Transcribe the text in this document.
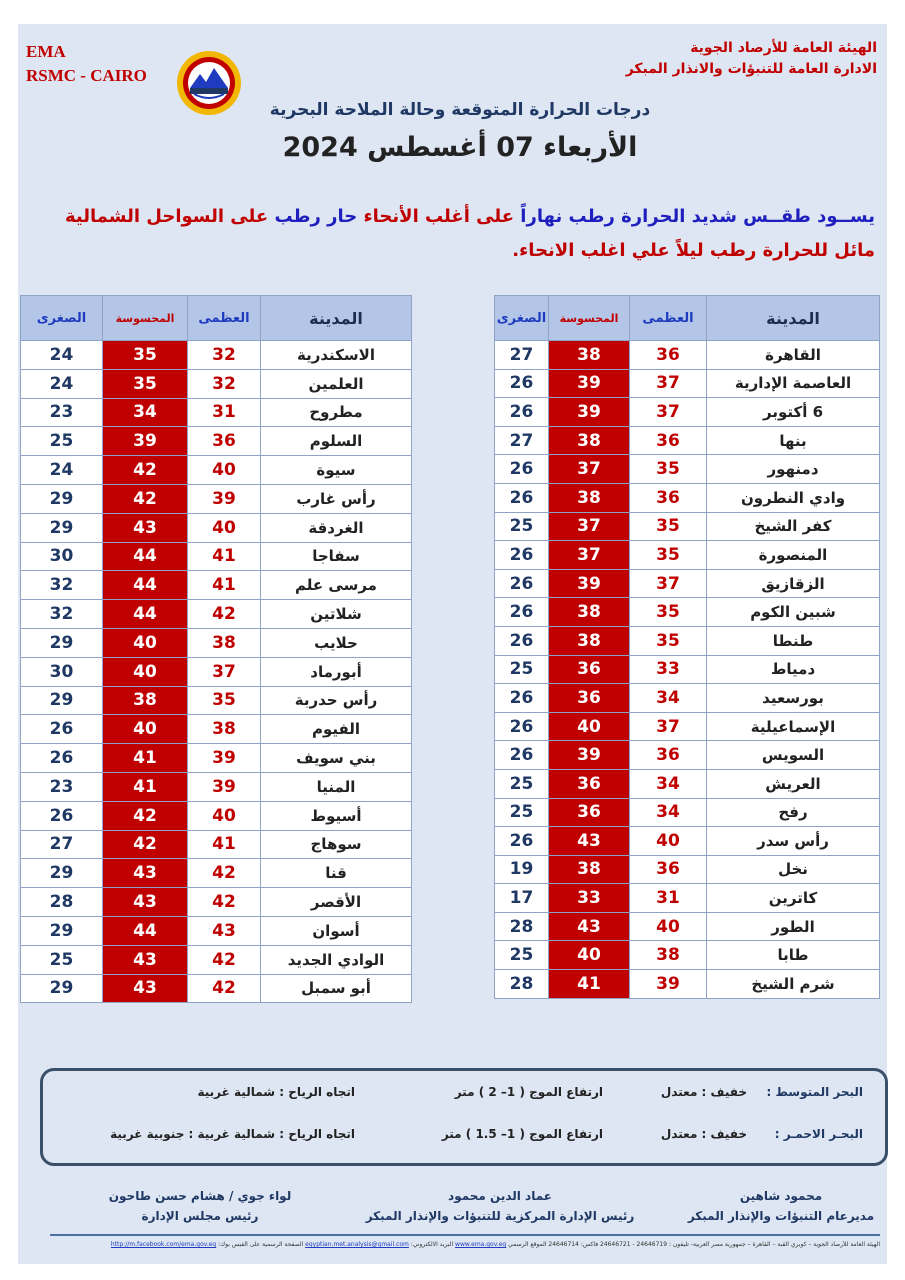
EMA
RSMC - CAIRO
الهيئة العامة للأرصاد الجوية
الادارة العامة للتنبؤات والانذار المبكر
درجات الحرارة المتوقعة وحالة الملاحة البحرية
الأربعاء 07 أغسطس 2024
يســود طقــس شديد الحرارة رطب نهاراً على أغلب الأنحاء حار رطب على السواحل الشمالية
مائل للحرارة رطب ليلاً علي اغلب الانحاء.
المدينة	العظمى	المحسوسة	الصغرى
القاهرة	36	38	27
العاصمة الإدارية	37	39	26
6 أكتوبر	37	39	26
بنها	36	38	27
دمنهور	35	37	26
وادي النطرون	36	38	26
كفر الشيخ	35	37	25
المنصورة	35	37	26
الزقازيق	37	39	26
شبين الكوم	35	38	26
طنطا	35	38	26
دمياط	33	36	25
بورسعيد	34	36	26
الإسماعيلية	37	40	26
السويس	36	39	26
العريش	34	36	25
رفح	34	36	25
رأس سدر	40	43	26
نخل	36	38	19
كاترين	31	33	17
الطور	40	43	28
طابا	38	40	25
شرم الشيخ	39	41	28
المدينة	العظمى	المحسوسة	الصغرى
الاسكندرية	32	35	24
العلمين	32	35	24
مطروح	31	34	23
السلوم	36	39	25
سيوة	40	42	24
رأس غارب	39	42	29
الغردقة	40	43	29
سفاجا	41	44	30
مرسى علم	41	44	32
شلاتين	42	44	32
حلايب	38	40	29
أبورماد	37	40	30
رأس حدربة	35	38	29
الفيوم	38	40	26
بني سويف	39	41	26
المنيا	39	41	23
أسيوط	40	42	26
سوهاج	41	42	27
قنا	42	43	29
الأقصر	42	43	28
أسوان	43	44	29
الوادي الجديد	42	43	25
أبو سمبل	42	43	29
البحر المتوسط :
خفيف : معتدل
ارتفاع الموج ( 1– 2 ) متر
اتجاه الرياح : شمالية غربية
البحـر الاحمـر :
خفيف : معتدل
ارتفاع الموج ( 1– 1.5 ) متر
اتجاه الرياح : شمالية غربية : جنوبية غربية
محمود شاهين
مديرعام التنبؤات والإنذار المبكر
عماد الدين محمود
رئيس الإدارة المركزية للتنبؤات والإنذار المبكر
لواء جوي / هشام حسن طاحون
رئيس مجلس الإدارة
الهيئة العامة للأرصاد الجوية – كوبري القبة – القاهرة – جمهورية مصر العربية- تليفون : 24646719 - 24646721 فاكس: 24646714 الموقع الرسمي www.ema.gov.eg البريد الالكتروني: egyptian.met.analysis@gmail.com الصفحة الرسمية على الفيس بوك: http://m.facebook.com/ema.gov.eg
